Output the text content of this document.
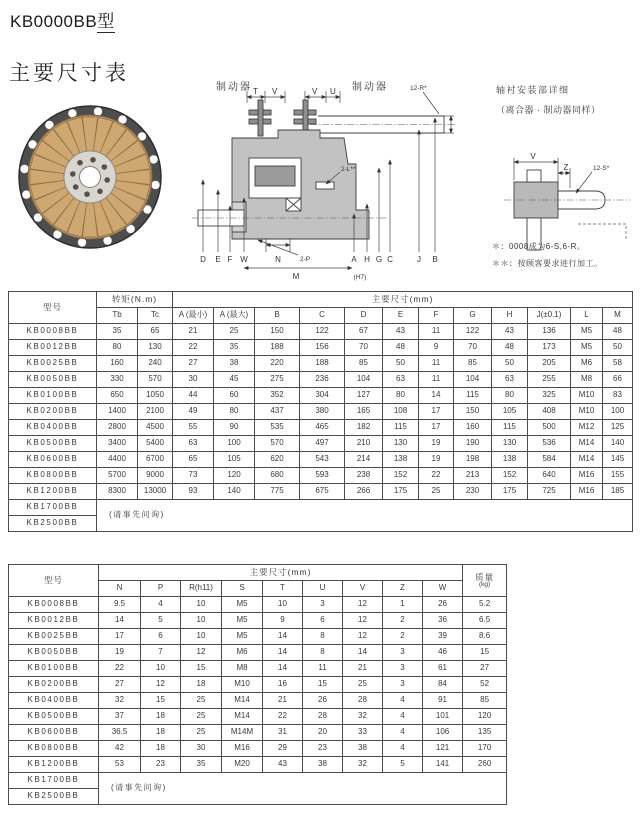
KB0000BB型
主要尺寸表
制动器	制动器
T V	V U	12-R*
2-L**
2-P
D E F W	N	A H G C	J B
M	(H7)
轴衬安装部详细
（离合器 · 制动器同样）
V
Z	12-S*
＊：0008成为6-S,6-R。
＊＊：按顾客要求进行加工。
型号	转矩(N.m)		主要尺寸(mm)											
	Tb	Tc	A (最小)	A (最大)	B	C	D	E	F	G	H	J(±0.1)	L	M
KB0008BB	35	65	21	25	150	122	67	43	11	122	43	136	M5	48
KB0012BB	80	130	22	35	188	156	70	48	9	70	48	173	M5	50
KB0025BB	160	240	27	38	220	188	85	50	11	85	50	205	M6	58
KB0050BB	330	570	30	45	275	236	104	63	11	104	63	255	M8	66
KB0100BB	650	1050	44	60	352	304	127	80	14	115	80	325	M10	83
KB0200BB	1400	2100	49	80	437	380	165	108	17	150	105	408	M10	100
KB0400BB	2800	4500	55	90	535	465	182	115	17	160	115	500	M12	125
KB0500BB	3400	5400	63	100	570	497	210	130	19	190	130	536	M14	140
KB0600BB	4400	6700	65	105	620	543	214	138	19	198	138	584	M14	145
KB0800BB	5700	9000	73	120	680	593	238	152	22	213	152	640	M16	155
KB1200BB	8300	13000	93	140	775	675	266	175	25	230	175	725	M16	185
KB1700BB	(请事先问询)													
KB2500BB														
型号	主要尺寸(mm)									质量
(kg)

	N	P	R(h11)	S	T	U	V	Z	W	
KB0008BB	9.5	4	10	M5	10	3	12	1	26	5.2
KB0012BB	14	5	10	M5	9	6	12	2	36	6.5
KB0025BB	17	6	10	M5	14	8	12	2	39	8.6
KB0050BB	19	7	12	M6	14	8	14	3	46	15
KB0100BB	22	10	15	M8	14	11	21	3	61	27
KB0200BB	27	12	18	M10	16	15	25	3	84	52
KB0400BB	32	15	25	M14	21	26	28	4	91	85
KB0500BB	37	18	25	M14	22	28	32	4	101	120
KB0600BB	36.5	18	25	M14M	31	20	33	4	106	135
KB0800BB	42	18	30	M16	29	23	38	4	121	170
KB1200BB	53	23	35	M20	43	38	32	5	141	260
KB1700BB	(请事先问询)									
KB2500BB										
